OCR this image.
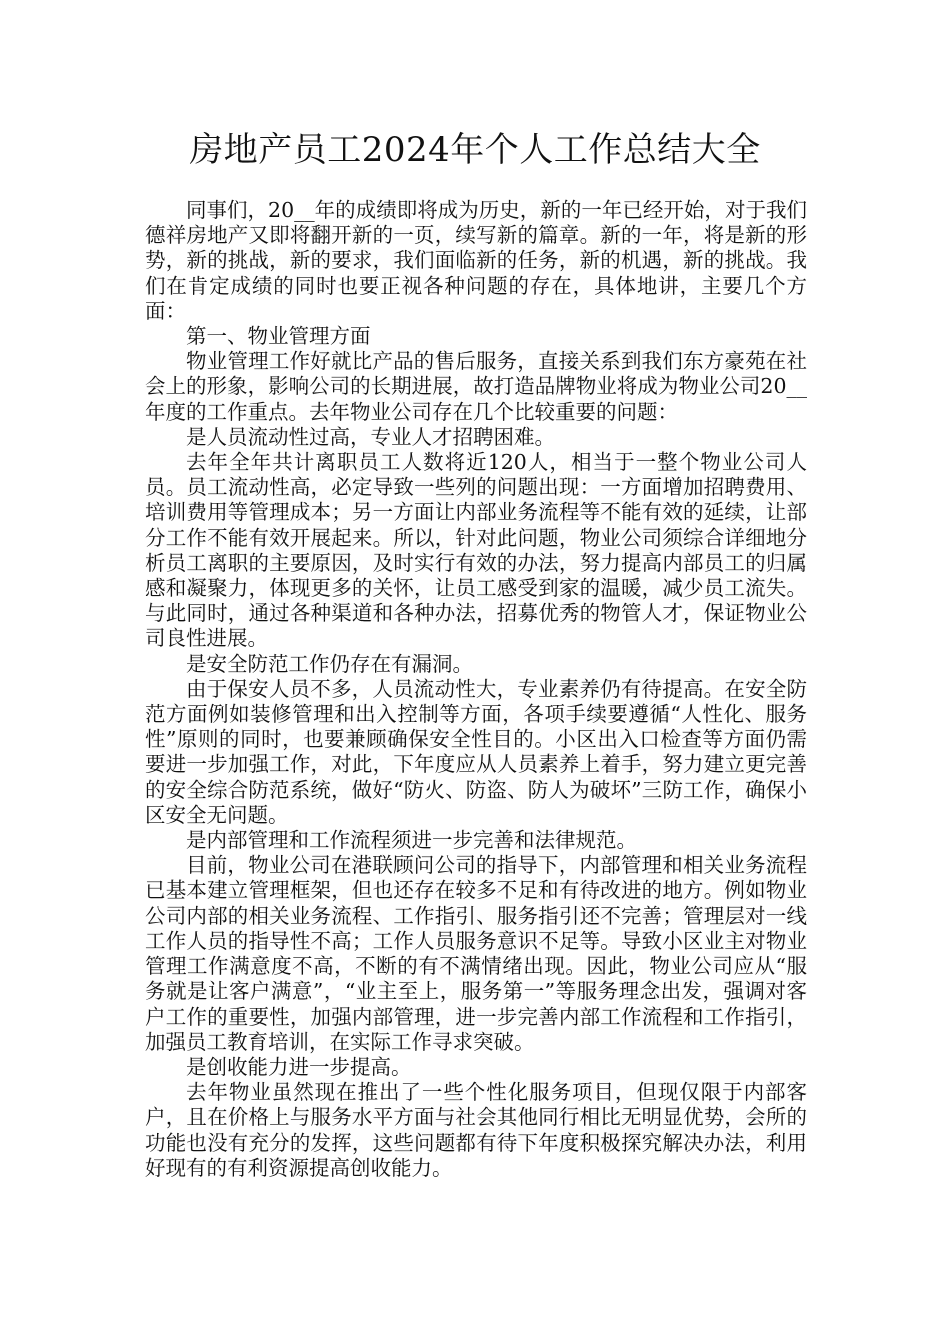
房地产员工2024年个人工作总结大全

同事们，20__年的成绩即将成为历史，新的一年已经开始，对于我们德祥房地产又即将翻开新的一页，续写新的篇章。新的一年，将是新的形势，新的挑战，新的要求，我们面临新的任务，新的机遇，新的挑战。我们在肯定成绩的同时也要正视各种问题的存在，具体地讲，主要几个方面：

第一、物业管理方面

物业管理工作好就比产品的售后服务，直接关系到我们东方豪苑在社会上的形象，影响公司的长期进展，故打造品牌物业将成为物业公司20__年度的工作重点。去年物业公司存在几个比较重要的问题：

是人员流动性过高，专业人才招聘困难。

去年全年共计离职员工人数将近120人，相当于一整个物业公司人员。员工流动性高，必定导致一些列的问题出现：一方面增加招聘费用、培训费用等管理成本；另一方面让内部业务流程等不能有效的延续，让部分工作不能有效开展起来。所以，针对此问题，物业公司须综合详细地分析员工离职的主要原因，及时实行有效的办法，努力提高内部员工的归属感和凝聚力，体现更多的关怀，让员工感受到家的温暖，减少员工流失。与此同时，通过各种渠道和各种办法，招募优秀的物管人才，保证物业公司良性进展。

是安全防范工作仍存在有漏洞。

由于保安人员不多，人员流动性大，专业素养仍有待提高。在安全防范方面例如装修管理和出入控制等方面，各项手续要遵循“人性化、服务性”原则的同时，也要兼顾确保安全性目的。小区出入口检查等方面仍需要进一步加强工作，对此，下年度应从人员素养上着手，努力建立更完善的安全综合防范系统，做好“防火、防盗、防人为破坏”三防工作，确保小区安全无问题。

是内部管理和工作流程须进一步完善和法律规范。

目前，物业公司在港联顾问公司的指导下，内部管理和相关业务流程已基本建立管理框架，但也还存在较多不足和有待改进的地方。例如物业公司内部的相关业务流程、工作指引、服务指引还不完善；管理层对一线工作人员的指导性不高；工作人员服务意识不足等。导致小区业主对物业管理工作满意度不高，不断的有不满情绪出现。因此，物业公司应从“服务就是让客户满意”，“业主至上，服务第一”等服务理念出发，强调对客户工作的重要性，加强内部管理，进一步完善内部工作流程和工作指引，加强员工教育培训，在实际工作寻求突破。

是创收能力进一步提高。

去年物业虽然现在推出了一些个性化服务项目，但现仅限于内部客户，且在价格上与服务水平方面与社会其他同行相比无明显优势，会所的功能也没有充分的发挥，这些问题都有待下年度积极探究解决办法，利用好现有的有利资源提高创收能力。
